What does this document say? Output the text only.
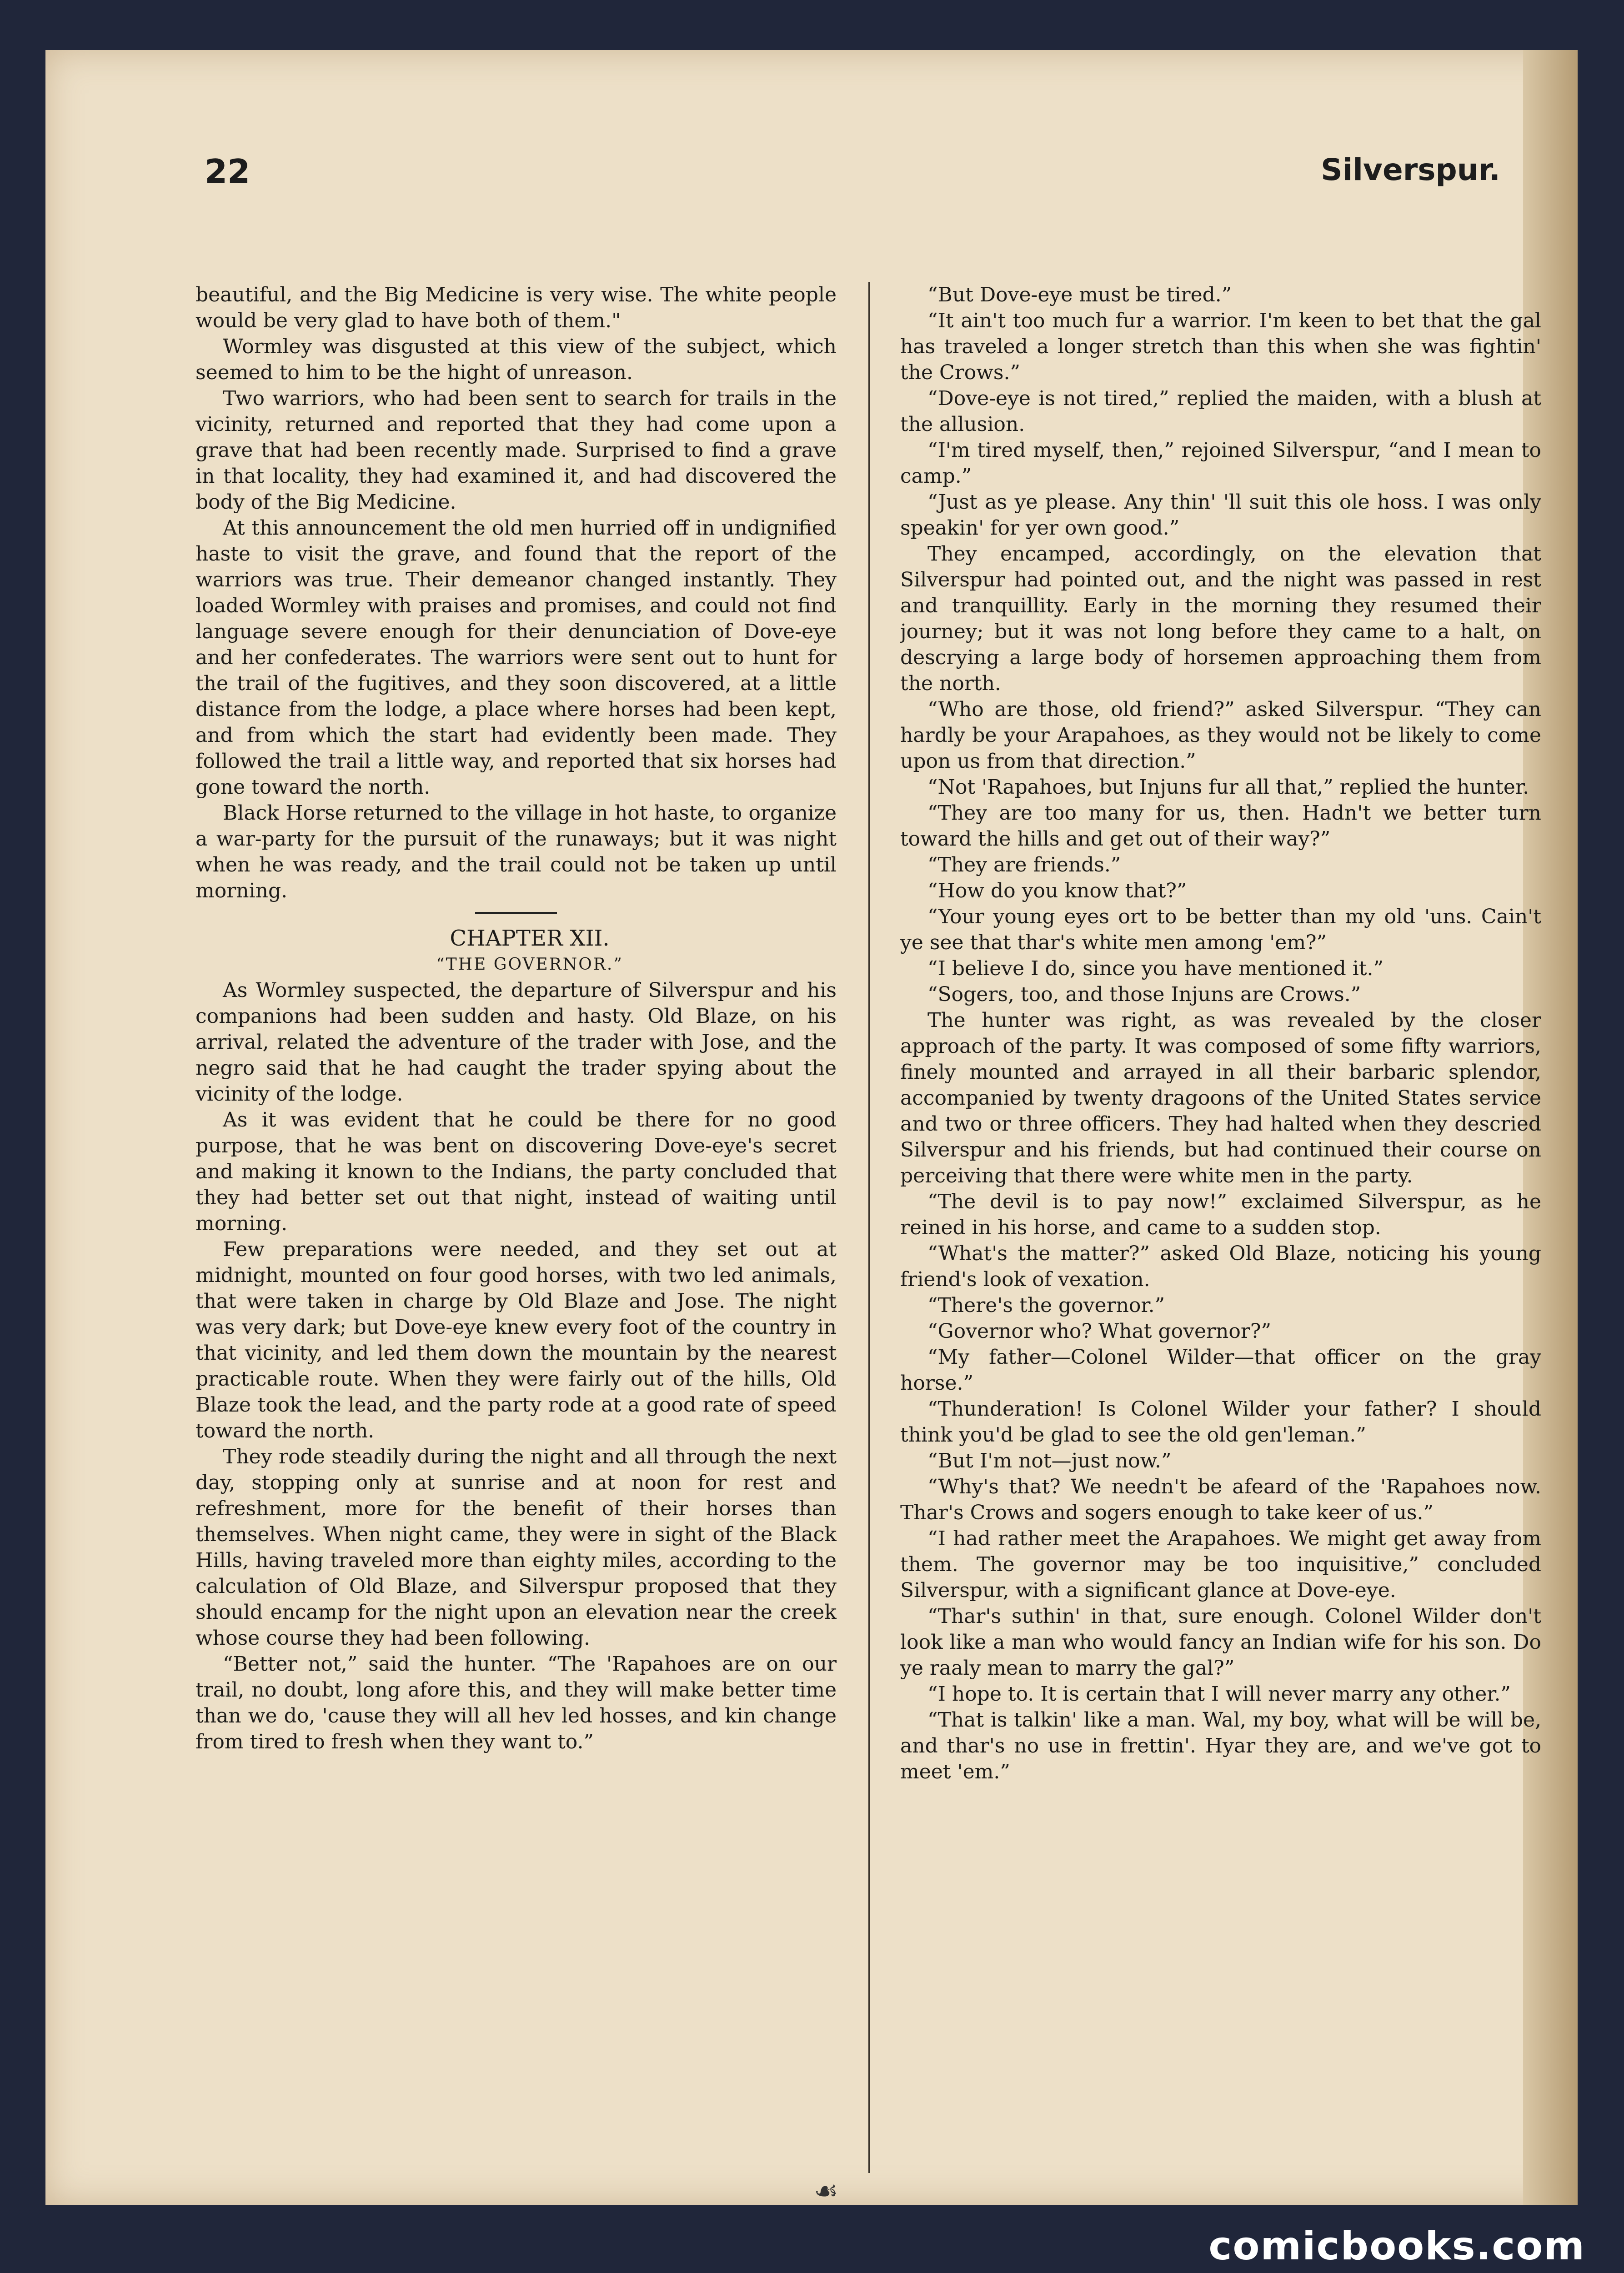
22	Silverspur.

beautiful, and the Big Medicine is very wise. The white people would be very glad to have both of them."

Wormley was disgusted at this view of the subject, which seemed to him to be the hight of unreason.

Two warriors, who had been sent to search for trails in the vicinity, returned and reported that they had come upon a grave that had been recently made. Surprised to find a grave in that locality, they had examined it, and had discovered the body of the Big Medicine.

At this announcement the old men hurried off in undignified haste to visit the grave, and found that the report of the warriors was true. Their demeanor changed instantly. They loaded Wormley with praises and promises, and could not find language severe enough for their denunciation of Dove-eye and her confederates. The warriors were sent out to hunt for the trail of the fugitives, and they soon discovered, at a little distance from the lodge, a place where horses had been kept, and from which the start had evidently been made. They followed the trail a little way, and reported that six horses had gone toward the north.

Black Horse returned to the village in hot haste, to organize a war-party for the pursuit of the runaways; but it was night when he was ready, and the trail could not be taken up until morning.

CHAPTER XII.

“THE GOVERNOR.”

As Wormley suspected, the departure of Silverspur and his companions had been sudden and hasty. Old Blaze, on his arrival, related the adventure of the trader with Jose, and the negro said that he had caught the trader spying about the vicinity of the lodge.

As it was evident that he could be there for no good purpose, that he was bent on discovering Dove-eye's secret and making it known to the Indians, the party concluded that they had better set out that night, instead of waiting until morning.

Few preparations were needed, and they set out at midnight, mounted on four good horses, with two led animals, that were taken in charge by Old Blaze and Jose. The night was very dark; but Dove-eye knew every foot of the country in that vicinity, and led them down the mountain by the nearest practicable route. When they were fairly out of the hills, Old Blaze took the lead, and the party rode at a good rate of speed toward the north.

They rode steadily during the night and all through the next day, stopping only at sunrise and at noon for rest and refreshment, more for the benefit of their horses than themselves. When night came, they were in sight of the Black Hills, having traveled more than eighty miles, according to the calculation of Old Blaze, and Silverspur proposed that they should encamp for the night upon an elevation near the creek whose course they had been following.

“Better not,” said the hunter. “The 'Rapahoes are on our trail, no doubt, long afore this, and they will make better time than we do, 'cause they will all hev led hosses, and kin change from tired to fresh when they want to.”

“But Dove-eye must be tired.”

“It ain't too much fur a warrior. I'm keen to bet that the gal has traveled a longer stretch than this when she was fightin' the Crows.”

“Dove-eye is not tired,” replied the maiden, with a blush at the allusion.

“I'm tired myself, then,” rejoined Silverspur, “and I mean to camp.”

“Just as ye please. Any thin' 'll suit this ole hoss. I was only speakin' for yer own good.”

They encamped, accordingly, on the elevation that Silverspur had pointed out, and the night was passed in rest and tranquillity. Early in the morning they resumed their journey; but it was not long before they came to a halt, on descrying a large body of horsemen approaching them from the north.

“Who are those, old friend?” asked Silverspur. “They can hardly be your Arapahoes, as they would not be likely to come upon us from that direction.”

“Not 'Rapahoes, but Injuns fur all that,” replied the hunter.

“They are too many for us, then. Hadn't we better turn toward the hills and get out of their way?”

“They are friends.”

“How do you know that?”

“Your young eyes ort to be better than my old 'uns. Cain't ye see that thar's white men among 'em?”

“I believe I do, since you have mentioned it.”

“Sogers, too, and those Injuns are Crows.”

The hunter was right, as was revealed by the closer approach of the party. It was composed of some fifty warriors, finely mounted and arrayed in all their barbaric splendor, accompanied by twenty dragoons of the United States service and two or three officers. They had halted when they descried Silverspur and his friends, but had continued their course on perceiving that there were white men in the party.

“The devil is to pay now!” exclaimed Silverspur, as he reined in his horse, and came to a sudden stop.

“What's the matter?” asked Old Blaze, noticing his young friend's look of vexation.

“There's the governor.”

“Governor who? What governor?”

“My father—Colonel Wilder—that officer on the gray horse.”

“Thunderation! Is Colonel Wilder your father? I should think you'd be glad to see the old gen'leman.”

“But I'm not—just now.”

“Why's that? We needn't be afeard of the 'Rapahoes now. Thar's Crows and sogers enough to take keer of us.”

“I had rather meet the Arapahoes. We might get away from them. The governor may be too inquisitive,” concluded Silverspur, with a significant glance at Dove-eye.

“Thar's suthin' in that, sure enough. Colonel Wilder don't look like a man who would fancy an Indian wife for his son. Do ye raaly mean to marry the gal?”

“I hope to. It is certain that I will never marry any other.”

“That is talkin' like a man. Wal, my boy, what will be will be, and thar's no use in frettin'. Hyar they are, and we've got to meet 'em.”

☙
comicbooks.com
